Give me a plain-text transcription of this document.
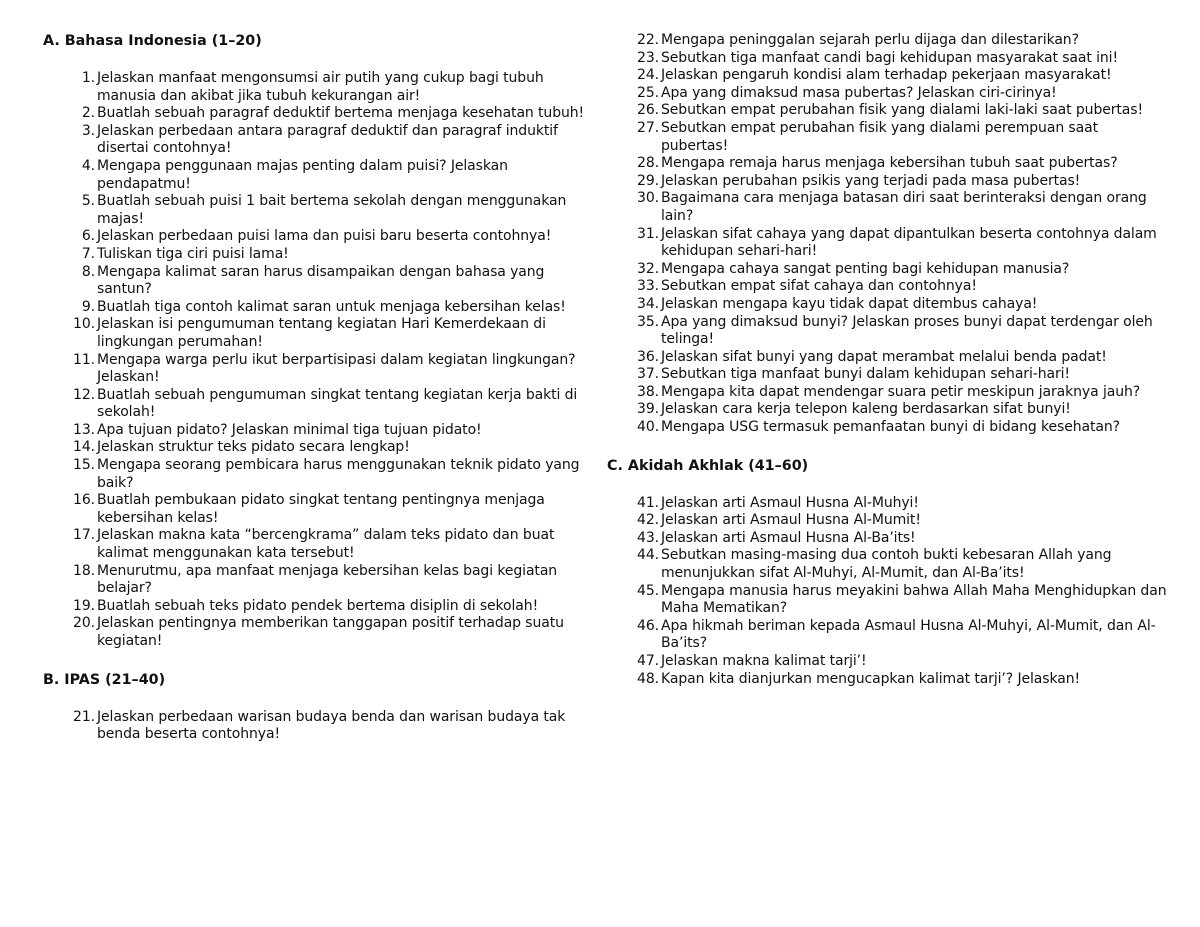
A. Bahasa Indonesia (1–20)
1. Jelaskan manfaat mengonsumsi air putih yang cukup bagi tubuh manusia dan akibat jika tubuh kekurangan air!
2. Buatlah sebuah paragraf deduktif bertema menjaga kesehatan tubuh!
3. Jelaskan perbedaan antara paragraf deduktif dan paragraf induktif disertai contohnya!
4. Mengapa penggunaan majas penting dalam puisi? Jelaskan pendapatmu!
5. Buatlah sebuah puisi 1 bait bertema sekolah dengan menggunakan majas!
6. Jelaskan perbedaan puisi lama dan puisi baru beserta contohnya!
7. Tuliskan tiga ciri puisi lama!
8. Mengapa kalimat saran harus disampaikan dengan bahasa yang santun?
9. Buatlah tiga contoh kalimat saran untuk menjaga kebersihan kelas!
10. Jelaskan isi pengumuman tentang kegiatan Hari Kemerdekaan di lingkungan perumahan!
11. Mengapa warga perlu ikut berpartisipasi dalam kegiatan lingkungan? Jelaskan!
12. Buatlah sebuah pengumuman singkat tentang kegiatan kerja bakti di sekolah!
13. Apa tujuan pidato? Jelaskan minimal tiga tujuan pidato!
14. Jelaskan struktur teks pidato secara lengkap!
15. Mengapa seorang pembicara harus menggunakan teknik pidato yang baik?
16. Buatlah pembukaan pidato singkat tentang pentingnya menjaga kebersihan kelas!
17. Jelaskan makna kata “bercengkrama” dalam teks pidato dan buat kalimat menggunakan kata tersebut!
18. Menurutmu, apa manfaat menjaga kebersihan kelas bagi kegiatan belajar?
19. Buatlah sebuah teks pidato pendek bertema disiplin di sekolah!
20. Jelaskan pentingnya memberikan tanggapan positif terhadap suatu kegiatan!
B. IPAS (21–40)
21. Jelaskan perbedaan warisan budaya benda dan warisan budaya tak benda beserta contohnya!
22. Mengapa peninggalan sejarah perlu dijaga dan dilestarikan?
23. Sebutkan tiga manfaat candi bagi kehidupan masyarakat saat ini!
24. Jelaskan pengaruh kondisi alam terhadap pekerjaan masyarakat!
25. Apa yang dimaksud masa pubertas? Jelaskan ciri-cirinya!
26. Sebutkan empat perubahan fisik yang dialami laki-laki saat pubertas!
27. Sebutkan empat perubahan fisik yang dialami perempuan saat pubertas!
28. Mengapa remaja harus menjaga kebersihan tubuh saat pubertas?
29. Jelaskan perubahan psikis yang terjadi pada masa pubertas!
30. Bagaimana cara menjaga batasan diri saat berinteraksi dengan orang lain?
31. Jelaskan sifat cahaya yang dapat dipantulkan beserta contohnya dalam kehidupan sehari-hari!
32. Mengapa cahaya sangat penting bagi kehidupan manusia?
33. Sebutkan empat sifat cahaya dan contohnya!
34. Jelaskan mengapa kayu tidak dapat ditembus cahaya!
35. Apa yang dimaksud bunyi? Jelaskan proses bunyi dapat terdengar oleh telinga!
36. Jelaskan sifat bunyi yang dapat merambat melalui benda padat!
37. Sebutkan tiga manfaat bunyi dalam kehidupan sehari-hari!
38. Mengapa kita dapat mendengar suara petir meskipun jaraknya jauh?
39. Jelaskan cara kerja telepon kaleng berdasarkan sifat bunyi!
40. Mengapa USG termasuk pemanfaatan bunyi di bidang kesehatan?
C. Akidah Akhlak (41–60)
41. Jelaskan arti Asmaul Husna Al-Muhyi!
42. Jelaskan arti Asmaul Husna Al-Mumit!
43. Jelaskan arti Asmaul Husna Al-Ba’its!
44. Sebutkan masing-masing dua contoh bukti kebesaran Allah yang menunjukkan sifat Al-Muhyi, Al-Mumit, dan Al-Ba’its!
45. Mengapa manusia harus meyakini bahwa Allah Maha Menghidupkan dan Maha Mematikan?
46. Apa hikmah beriman kepada Asmaul Husna Al-Muhyi, Al-Mumit, dan Al-Ba’its?
47. Jelaskan makna kalimat tarji’!
48. Kapan kita dianjurkan mengucapkan kalimat tarji’? Jelaskan!
